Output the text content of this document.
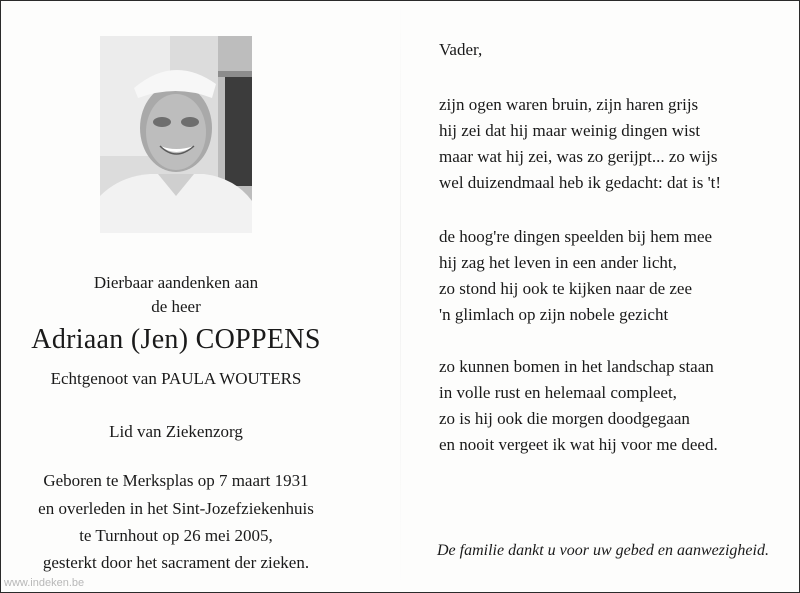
Dierbaar aandenken aan
de heer
Adriaan (Jen) COPPENS
Echtgenoot van PAULA WOUTERS
Lid van Ziekenzorg
Geboren te Merksplas op 7 maart 1931
en overleden in het Sint-Jozefziekenhuis
te Turnhout op 26 mei 2005,
gesterkt door het sacrament der zieken.
Vader,
zijn ogen waren bruin, zijn haren grijs
hij zei dat hij maar weinig dingen wist
maar wat hij zei, was zo gerijpt... zo wijs
wel duizendmaal heb ik gedacht: dat is 't!
de hoog're dingen speelden bij hem mee
hij zag het leven in een ander licht,
zo stond hij ook te kijken naar de zee
'n glimlach op zijn nobele gezicht
zo kunnen bomen in het landschap staan
in volle rust en helemaal compleet,
zo is hij ook die morgen doodgegaan
en nooit vergeet ik wat hij voor me deed.
De familie dankt u voor uw gebed en aanwezigheid.
www.indeken.be
